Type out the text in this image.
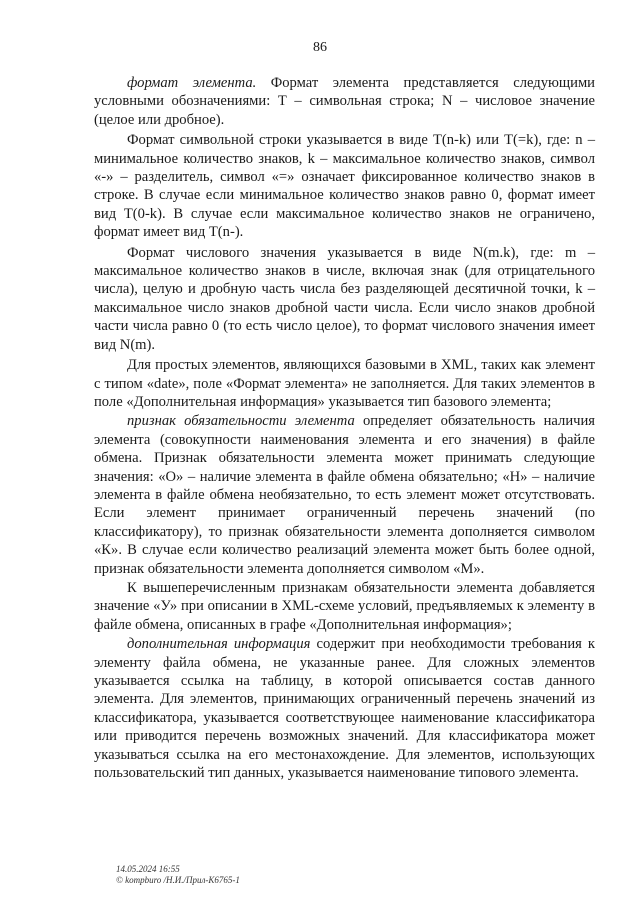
86

формат элемента. Формат элемента представляется следующими условными обозначениями: Т – символьная строка; N – числовое значение (целое или дробное).

Формат символьной строки указывается в виде Т(n-k) или Т(=k), где: n – минимальное количество знаков, k – максимальное количество знаков, символ «-» – разделитель, символ «=» означает фиксированное количество знаков в строке. В случае если минимальное количество знаков равно 0, формат имеет вид Т(0-k). В случае если максимальное количество знаков не ограничено, формат имеет вид Т(n-).

Формат числового значения указывается в виде N(m.k), где: m – максимальное количество знаков в числе, включая знак (для отрицательного числа), целую и дробную часть числа без разделяющей десятичной точки, k – максимальное число знаков дробной части числа. Если число знаков дробной части числа равно 0 (то есть число целое), то формат числового значения имеет вид N(m).

Для простых элементов, являющихся базовыми в XML, таких как элемент с типом «date», поле «Формат элемента» не заполняется. Для таких элементов в поле «Дополнительная информация» указывается тип базового элемента;

признак обязательности элемента определяет обязательность наличия элемента (совокупности наименования элемента и его значения) в файле обмена. Признак обязательности элемента может принимать следующие значения: «О» – наличие элемента в файле обмена обязательно; «Н» – наличие элемента в файле обмена необязательно, то есть элемент может отсутствовать. Если элемент принимает ограниченный перечень значений (по классификатору), то признак обязательности элемента дополняется символом «К». В случае если количество реализаций элемента может быть более одной, признак обязательности элемента дополняется символом «М».

К вышеперечисленным признакам обязательности элемента добавляется значение «У» при описании в XML-схеме условий, предъявляемых к элементу в файле обмена, описанных в графе «Дополнительная информация»;

дополнительная информация содержит при необходимости требования к элементу файла обмена, не указанные ранее. Для сложных элементов указывается ссылка на таблицу, в которой описывается состав данного элемента. Для элементов, принимающих ограниченный перечень значений из классификатора, указывается соответствующее наименование классификатора или приводится перечень возможных значений. Для классификатора может указываться ссылка на его местонахождение. Для элементов, использующих пользовательский тип данных, указывается наименование типового элемента.

14.05.2024 16:55
© kompburo /Н.И./Прил-К6765-1
